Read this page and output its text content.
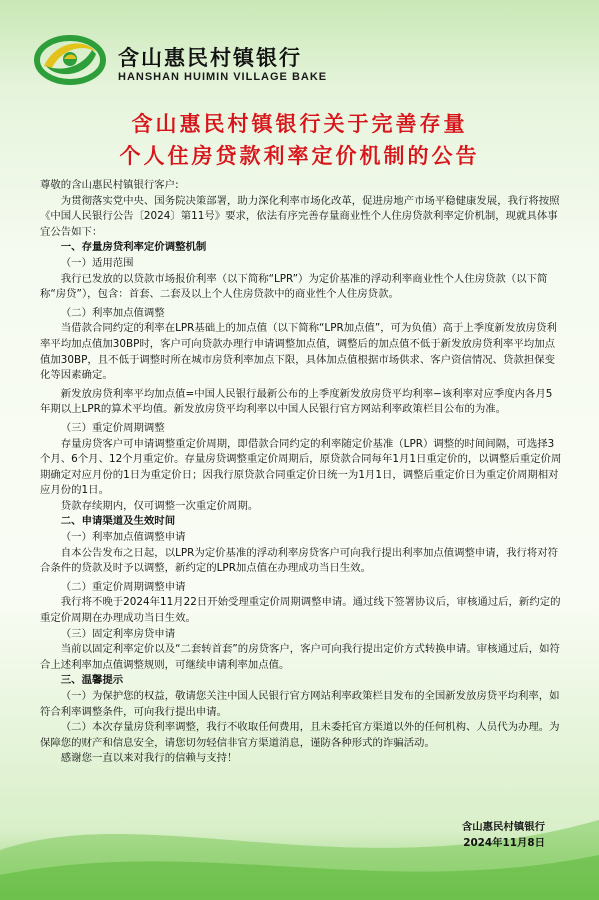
含山惠民村镇银行
HANSHAN HUIMIN VILLAGE BAKE
含山惠民村镇银行关于完善存量
个人住房贷款利率定价机制的公告

尊敬的含山惠民村镇银行客户:

为贯彻落实党中央、国务院决策部署，助力深化利率市场化改革，促进房地产市场平稳健康发展，我行将按照《中国人民银行公告〔2024〕第11号》要求，依法有序完善存量商业性个人住房贷款利率定价机制，现就具体事宜公告如下：

一、存量房贷利率定价调整机制

（一）适用范围

我行已发放的以贷款市场报价利率（以下简称“LPR”）为定价基准的浮动利率商业性个人住房贷款（以下简称“房贷”），包含：首套、二套及以上个人住房贷款中的商业性个人住房贷款。

（二）利率加点值调整

当借款合同约定的利率在LPR基础上的加点值（以下简称“LPR加点值”，可为负值）高于上季度新发放房贷利率平均加点值加30BP时，客户可向贷款办理行申请调整加点值，调整后的加点值不低于新发放房贷利率平均加点值加30BP，且不低于调整时所在城市房贷利率加点下限，具体加点值根据市场供求、客户资信情况、贷款担保变化等因素确定。

新发放房贷利率平均加点值=中国人民银行最新公布的上季度新发放房贷平均利率−该利率对应季度内各月5年期以上LPR的算术平均值。新发放房贷平均利率以中国人民银行官方网站利率政策栏目公布的为准。

（三）重定价周期调整

存量房贷客户可申请调整重定价周期，即借款合同约定的利率随定价基准（LPR）调整的时间间隔，可选择3个月、6个月、12个月重定价。存量房贷调整重定价周期后，原贷款合同每年1月1日重定价的，以调整后重定价周期确定对应月份的1日为重定价日；因我行原贷款合同重定价日统一为1月1日，调整后重定价日为重定价周期相对应月份的1日。

贷款存续期内，仅可调整一次重定价周期。

二、申请渠道及生效时间

（一）利率加点值调整申请

自本公告发布之日起，以LPR为定价基准的浮动利率房贷客户可向我行提出利率加点值调整申请，我行将对符合条件的贷款及时予以调整，新约定的LPR加点值在办理成功当日生效。

（二）重定价周期调整申请

我行将不晚于2024年11月22日开始受理重定价周期调整申请。通过线下签署协议后，审核通过后，新约定的重定价周期在办理成功当日生效。

（三）固定利率房贷申请

当前以固定利率定价以及“二套转首套”的房贷客户，客户可向我行提出定价方式转换申请。审核通过后，如符合上述利率加点值调整规则，可继续申请利率加点值。

三、温馨提示

（一）为保护您的权益，敬请您关注中国人民银行官方网站利率政策栏目发布的全国新发放房贷平均利率，如符合利率调整条件，可向我行提出申请。

（二）本次存量房贷利率调整，我行不收取任何费用，且未委托官方渠道以外的任何机构、人员代为办理。为保障您的财产和信息安全，请您切勿轻信非官方渠道消息，谨防各种形式的诈骗活动。

感谢您一直以来对我行的信赖与支持！

含山惠民村镇银行
2024年11月8日
